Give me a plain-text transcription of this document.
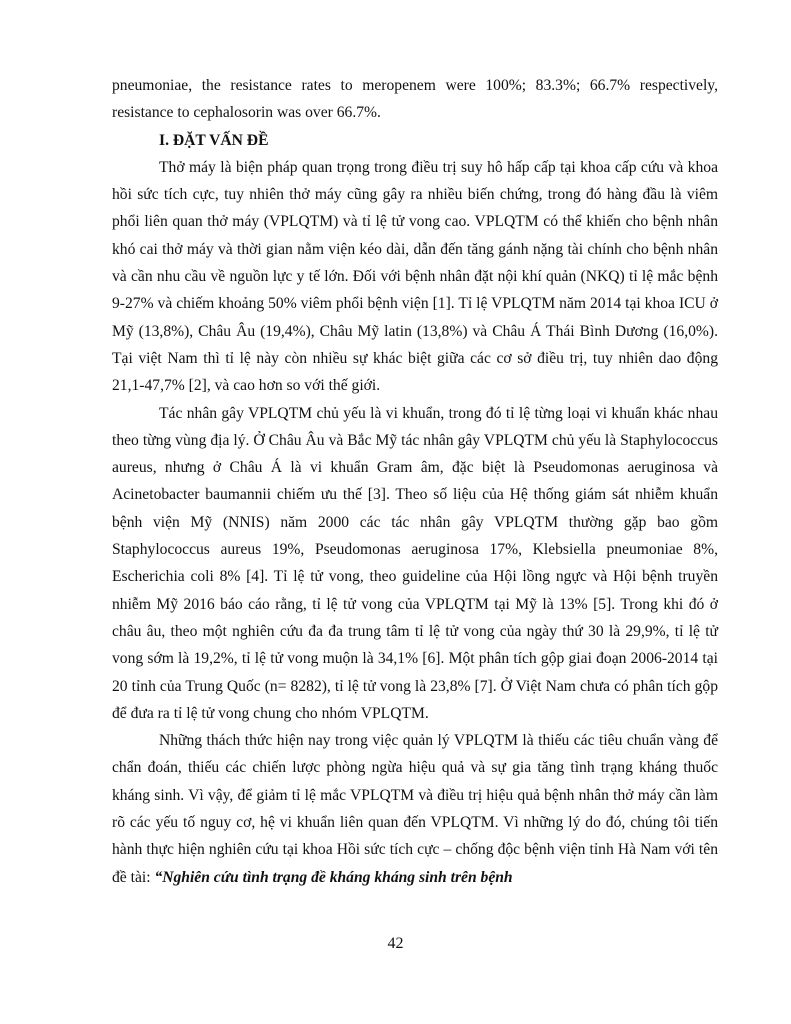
pneumoniae, the resistance rates to meropenem were 100%; 83.3%; 66.7% respectively, resistance to cephalosorin was over 66.7%.

I. ĐẶT VẤN ĐỀ

Thở máy là biện pháp quan trọng trong điều trị suy hô hấp cấp tại khoa cấp cứu và khoa hồi sức tích cực, tuy nhiên thở máy cũng gây ra nhiều biến chứng, trong đó hàng đầu là viêm phổi liên quan thở máy (VPLQTM) và tỉ lệ tử vong cao. VPLQTM có thể khiến cho bệnh nhân khó cai thở máy và thời gian nằm viện kéo dài, dẫn đến tăng gánh nặng tài chính cho bệnh nhân và cần nhu cầu về nguồn lực y tế lớn. Đối với bệnh nhân đặt nội khí quản (NKQ) tỉ lệ mắc bệnh 9-27% và chiếm khoảng 50% viêm phổi bệnh viện [1]. Tỉ lệ VPLQTM năm 2014 tại khoa ICU ở Mỹ (13,8%), Châu Âu (19,4%), Châu Mỹ latin (13,8%) và Châu Á Thái Bình Dương (16,0%). Tại việt Nam thì tỉ lệ này còn nhiều sự khác biệt giữa các cơ sở điều trị, tuy nhiên dao động 21,1-47,7% [2], và cao hơn so với thế giới.

Tác nhân gây VPLQTM chủ yếu là vi khuẩn, trong đó tỉ lệ từng loại vi khuẩn khác nhau theo từng vùng địa lý. Ở Châu Âu và Bắc Mỹ tác nhân gây VPLQTM chủ yếu là Staphylococcus aureus, nhưng ở Châu Á là vi khuẩn Gram âm, đặc biệt là Pseudomonas aeruginosa và Acinetobacter baumannii chiếm ưu thế [3]. Theo số liệu của Hệ thống giám sát nhiễm khuẩn bệnh viện Mỹ (NNIS) năm 2000 các tác nhân gây VPLQTM thường gặp bao gồm Staphylococcus aureus 19%, Pseudomonas aeruginosa 17%, Klebsiella pneumoniae 8%, Escherichia coli 8% [4]. Tỉ lệ tử vong, theo guideline của Hội lồng ngực và Hội bệnh truyền nhiễm Mỹ 2016 báo cáo rằng, tỉ lệ tử vong của VPLQTM tại Mỹ là 13% [5]. Trong khi đó ở châu âu, theo một nghiên cứu đa đa trung tâm tỉ lệ tử vong của ngày thứ 30 là 29,9%, tỉ lệ tử vong sớm là 19,2%, tỉ lệ tử vong muộn là 34,1% [6]. Một phân tích gộp giai đoạn 2006-2014 tại 20 tỉnh của Trung Quốc (n= 8282), tỉ lệ tử vong là 23,8% [7]. Ở Việt Nam chưa có phân tích gộp để đưa ra tỉ lệ tử vong chung cho nhóm VPLQTM.

Những thách thức hiện nay trong việc quản lý VPLQTM là thiếu các tiêu chuẩn vàng để chẩn đoán, thiếu các chiến lược phòng ngừa hiệu quả và sự gia tăng tình trạng kháng thuốc kháng sinh. Vì vậy, để giảm tỉ lệ mắc VPLQTM và điều trị hiệu quả bệnh nhân thở máy cần làm rõ các yếu tố nguy cơ, hệ vi khuẩn liên quan đến VPLQTM. Vì những lý do đó, chúng tôi tiến hành thực hiện nghiên cứu tại khoa Hồi sức tích cực – chống độc bệnh viện tỉnh Hà Nam với tên đề tài: “Nghiên cứu tình trạng đề kháng kháng sinh trên bệnh

42
